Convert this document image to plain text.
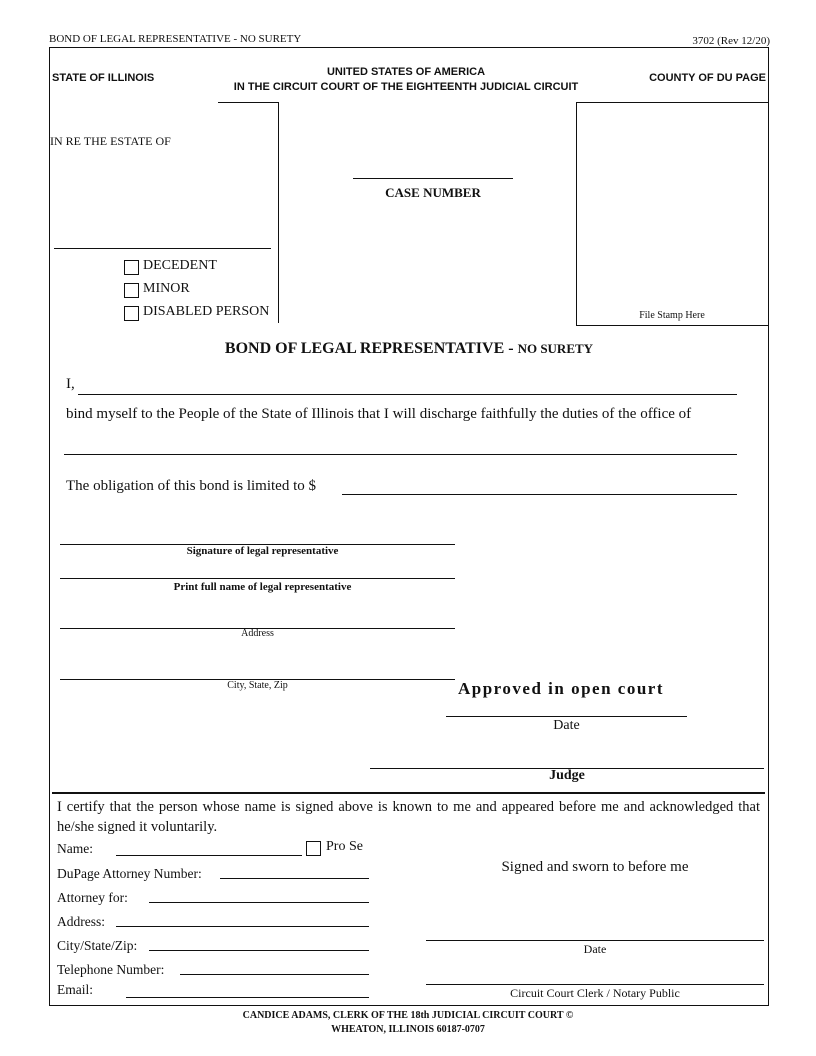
BOND OF LEGAL REPRESENTATIVE - NO SURETY	3702 (Rev 12/20)
STATE OF ILLINOIS	UNITED STATES OF AMERICA
IN THE CIRCUIT COURT OF THE EIGHTEENTH JUDICIAL CIRCUIT
COUNTY OF DU PAGE
IN RE THE ESTATE OF
DECEDENT
MINOR
DISABLED PERSON
CASE NUMBER
File Stamp Here
BOND OF LEGAL REPRESENTATIVE - NO SURETY
I,
bind myself to the People of the State of Illinois that I will discharge faithfully the duties of the office of
The obligation of this bond is limited to $
Signature of legal representative
Print full name of legal representative
Address
City, State, Zip	Approved in open court
Date
Judge
I certify that the person whose name is signed above is known to me and appeared before me and acknowledged that he/she signed it voluntarily.
Name:	Pro Se
DuPage Attorney Number:
Attorney for:
Address:
City/State/Zip:
Telephone Number:
Email:
Signed and sworn to before me
Date
Circuit Court Clerk / Notary Public
CANDICE ADAMS, CLERK OF THE 18th JUDICIAL CIRCUIT COURT ©
WHEATON, ILLINOIS 60187-0707
